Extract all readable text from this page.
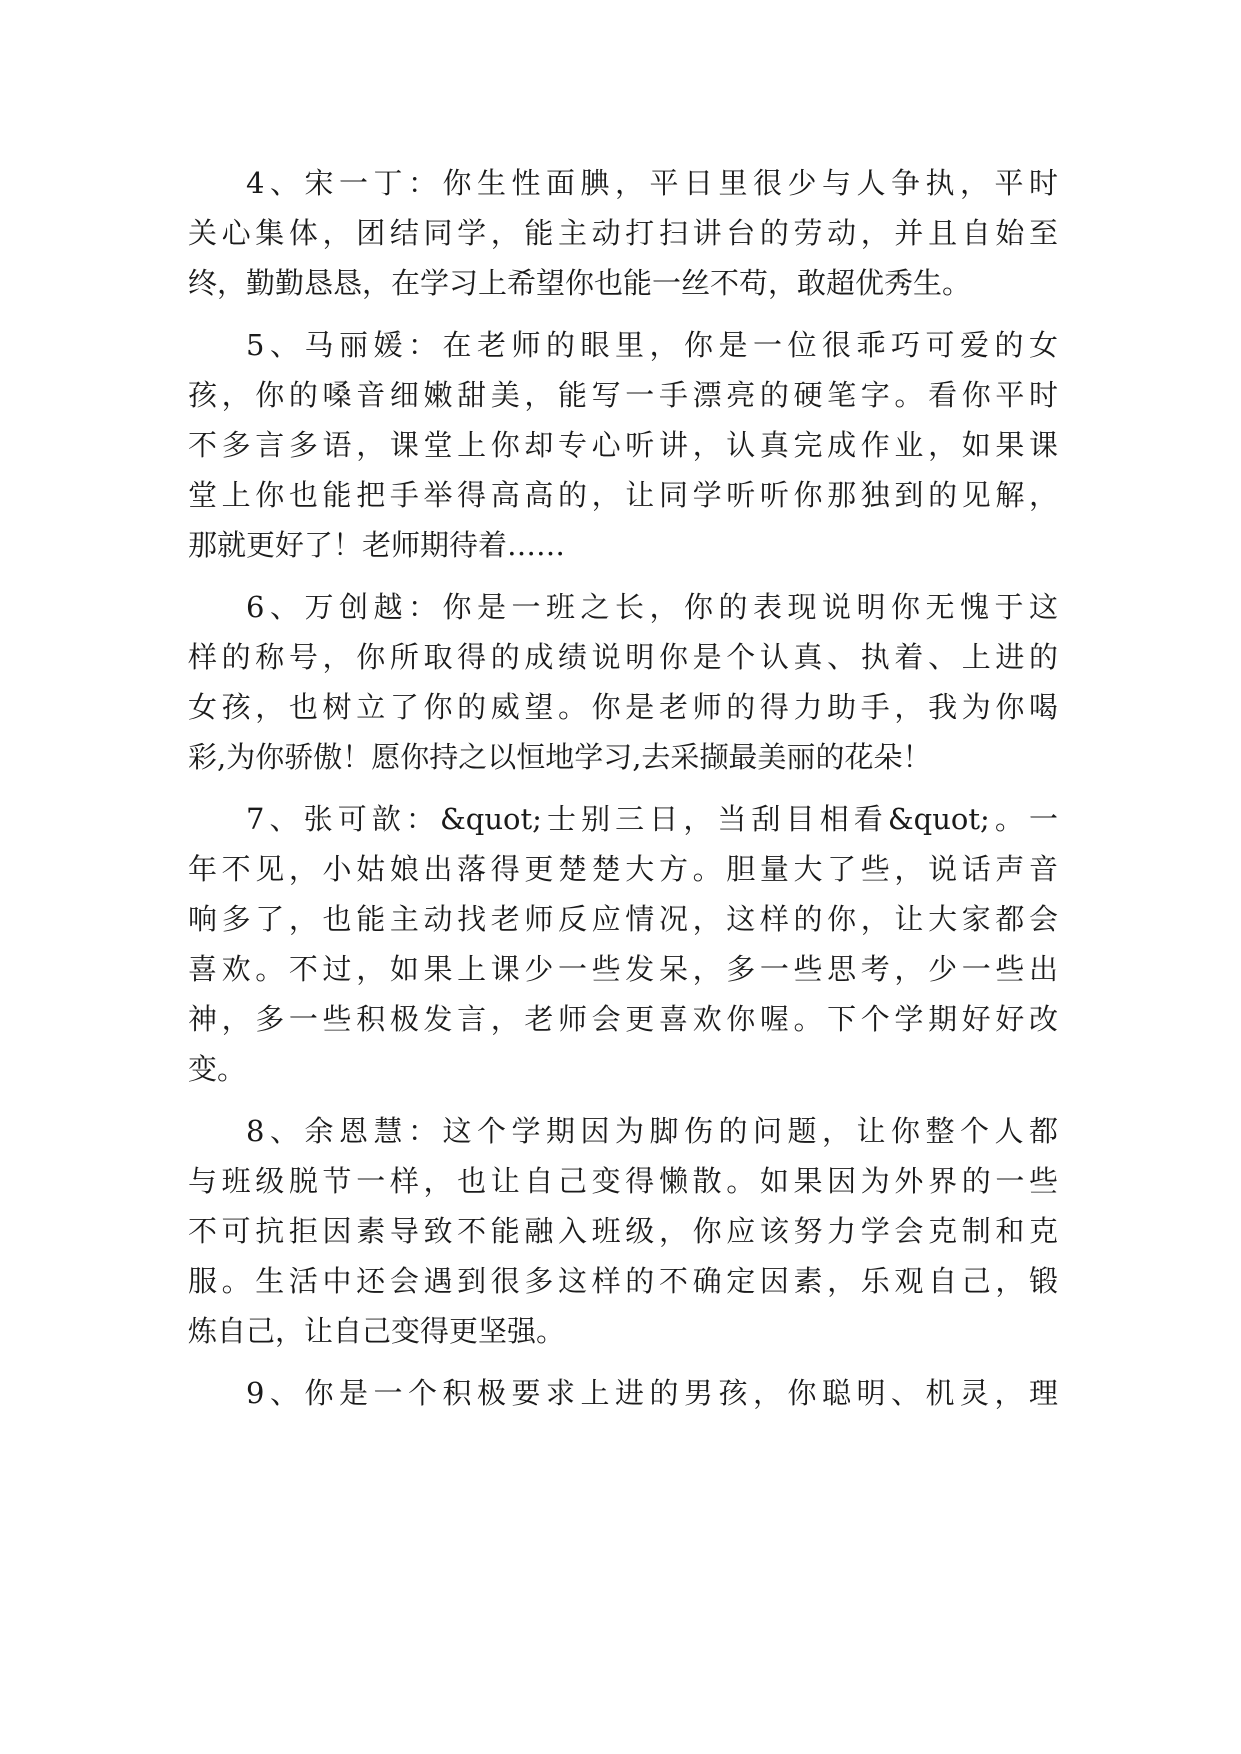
4、宋一丁：你生性面腆，平日里很少与人争执，平时
关心集体，团结同学，能主动打扫讲台的劳动，并且自始至
终，勤勤恳恳，在学习上希望你也能一丝不苟，敢超优秀生。
5、马丽媛：在老师的眼里，你是一位很乖巧可爱的女
孩，你的嗓音细嫩甜美，能写一手漂亮的硬笔字。看你平时
不多言多语，课堂上你却专心听讲，认真完成作业，如果课
堂上你也能把手举得高高的，让同学听听你那独到的见解，
那就更好了！老师期待着……
6、万创越：你是一班之长，你的表现说明你无愧于这
样的称号，你所取得的成绩说明你是个认真、执着、上进的
女孩，也树立了你的威望。你是老师的得力助手，我为你喝
彩,为你骄傲！愿你持之以恒地学习,去采撷最美丽的花朵！
7、张可歆：&quot;士别三日，当刮目相看&quot;。一
年不见，小姑娘出落得更楚楚大方。胆量大了些，说话声音
响多了，也能主动找老师反应情况，这样的你，让大家都会
喜欢。不过，如果上课少一些发呆，多一些思考，少一些出
神，多一些积极发言，老师会更喜欢你喔。下个学期好好改
变。
8、余恩慧：这个学期因为脚伤的问题，让你整个人都
与班级脱节一样，也让自己变得懒散。如果因为外界的一些
不可抗拒因素导致不能融入班级，你应该努力学会克制和克
服。生活中还会遇到很多这样的不确定因素，乐观自己，锻
炼自己，让自己变得更坚强。
9、你是一个积极要求上进的男孩，你聪明、机灵，理
